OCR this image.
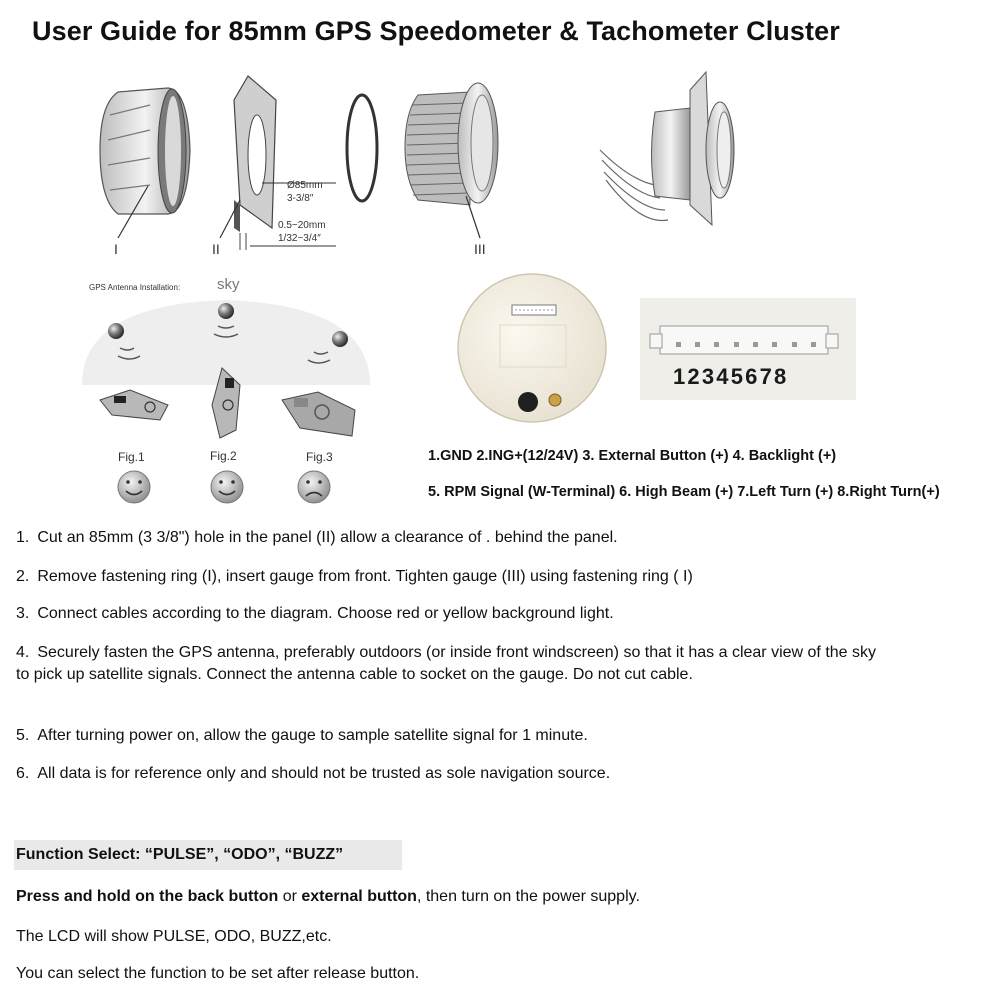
User Guide for 85mm GPS Speedometer & Tachometer Cluster
I	II
Ø85mm
3-3/8″
0.5~20mm
1/32~3/4″
III
GPS Antenna Installation: sky
Fig.1	Fig.2	Fig.3
12345678
1.GND 2.ING+(12/24V) 3. External Button (+) 4. Backlight (+)
5. RPM Signal (W-Terminal) 6. High Beam (+) 7.Left Turn (+) 8.Right Turn(+)
1. Cut an 85mm (3 3/8") hole in the panel (II) allow a clearance of . behind the panel.
2. Remove fastening ring (I), insert gauge from front. Tighten gauge (III) using fastening ring ( I)
3. Connect cables according to the diagram. Choose red or yellow background light.
4. Securely fasten the GPS antenna, preferably outdoors (or inside front windscreen) so that it has a clear view of the sky to pick up satellite signals. Connect the antenna cable to socket on the gauge. Do not cut cable.
5. After turning power on, allow the gauge to sample satellite signal for 1 minute.
6. All data is for reference only and should not be trusted as sole navigation source.
Function Select: “PULSE”, “ODO”, “BUZZ”
Press and hold on the back button or external button, then turn on the power supply.
The LCD will show PULSE, ODO, BUZZ,etc.
You can select the function to be set after release button.
